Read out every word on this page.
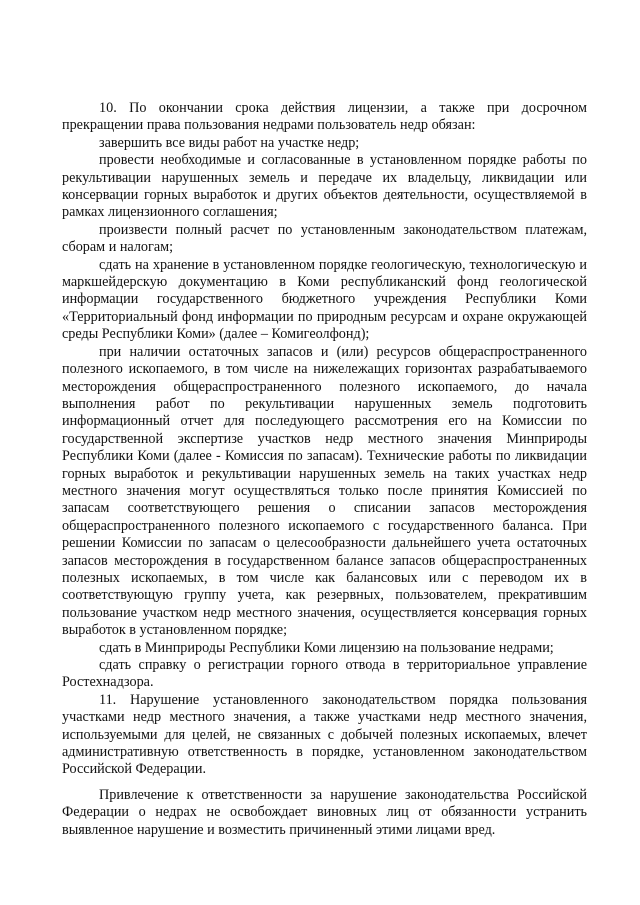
10. По окончании срока действия лицензии, а также при досрочном прекращении права пользования недрами пользователь недр обязан:

завершить все виды работ на участке недр;

провести необходимые и согласованные в установленном порядке работы по рекультивации нарушенных земель и передаче их владельцу, ликвидации или консервации горных выработок и других объектов деятельности, осуществляемой в рамках лицензионного соглашения;

произвести полный расчет по установленным законодательством платежам, сборам и налогам;

сдать на хранение в установленном порядке геологическую, технологическую и маркшейдерскую документацию в Коми республиканский фонд геологической информации государственного бюджетного учреждения Республики Коми «Территориальный фонд информации по природным ресурсам и охране окружающей среды Республики Коми» (далее – Комигеолфонд);

при наличии остаточных запасов и (или) ресурсов общераспространенного полезного ископаемого, в том числе на нижележащих горизонтах разрабатываемого месторождения общераспространенного полезного ископаемого, до начала выполнения работ по рекультивации нарушенных земель подготовить информационный отчет для последующего рассмотрения его на Комиссии по государственной экспертизе участков недр местного значения Минприроды Республики Коми (далее - Комиссия по запасам). Технические работы по ликвидации горных выработок и рекультивации нарушенных земель на таких участках недр местного значения могут осуществляться только после принятия Комиссией по запасам соответствующего решения о списании запасов месторождения общераспространенного полезного ископаемого с государственного баланса. При решении Комиссии по запасам о целесообразности дальнейшего учета остаточных запасов месторождения в государственном балансе запасов общераспространенных полезных ископаемых, в том числе как балансовых или с переводом их в соответствующую группу учета, как резервных, пользователем, прекратившим пользование участком недр местного значения, осуществляется консервация горных выработок в установленном порядке;

сдать в Минприроды Республики Коми лицензию на пользование недрами;

сдать справку о регистрации горного отвода в территориальное управление Ростехнадзора.

11. Нарушение установленного законодательством порядка пользования участками недр местного значения, а также участками недр местного значения, используемыми для целей, не связанных с добычей полезных ископаемых, влечет административную ответственность в порядке, установленном законодательством Российской Федерации.

Привлечение к ответственности за нарушение законодательства Российской Федерации о недрах не освобождает виновных лиц от обязанности устранить выявленное нарушение и возместить причиненный этими лицами вред.
